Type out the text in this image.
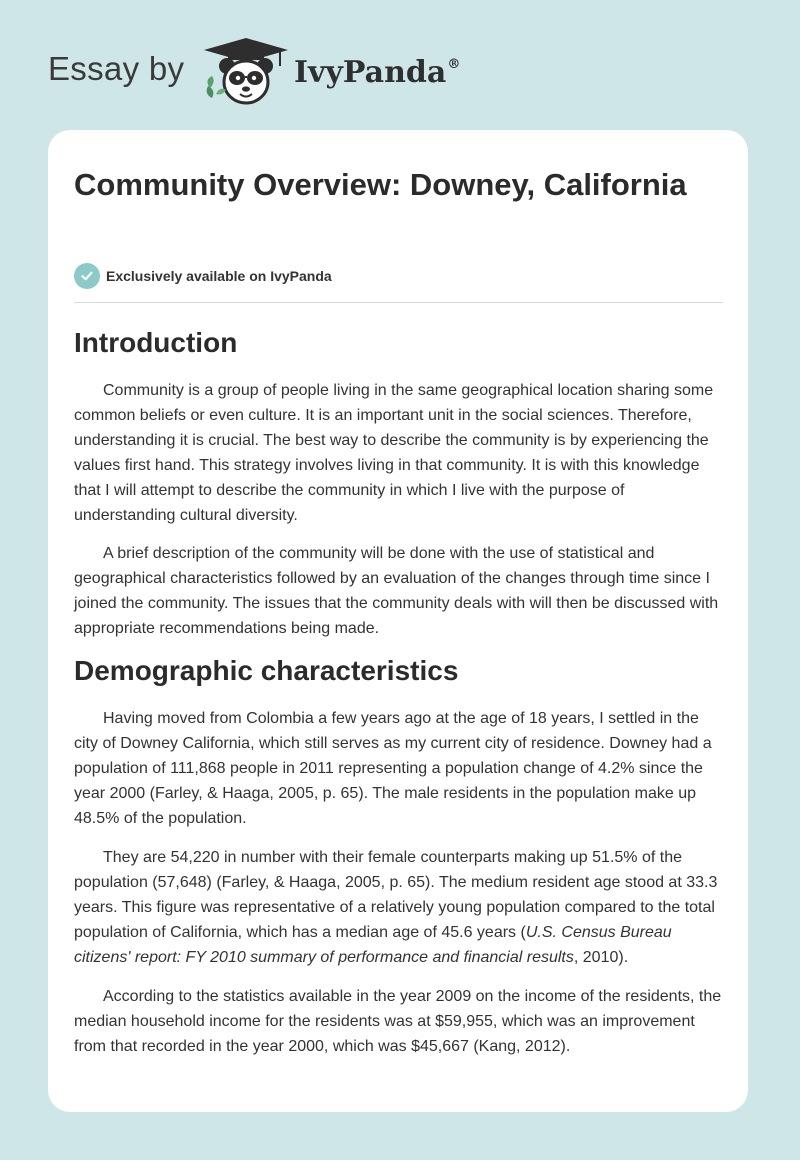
Essay by	IvyPanda®
Community Overview: Downey, California
Exclusively available on IvyPanda
Introduction

Community is a group of people living in the same geographical location sharing some common beliefs or even culture. It is an important unit in the social sciences. Therefore, understanding it is crucial. The best way to describe the community is by experiencing the values first hand. This strategy involves living in that community. It is with this knowledge that I will attempt to describe the community in which I live with the purpose of understanding cultural diversity.

A brief description of the community will be done with the use of statistical and geographical characteristics followed by an evaluation of the changes through time since I joined the community. The issues that the community deals with will then be discussed with appropriate recommendations being made.

Demographic characteristics

Having moved from Colombia a few years ago at the age of 18 years, I settled in the city of Downey California, which still serves as my current city of residence. Downey had a population of 111,868 people in 2011 representing a population change of 4.2% since the year 2000 (Farley, & Haaga, 2005, p. 65). The male residents in the population make up 48.5% of the population.

They are 54,220 in number with their female counterparts making up 51.5% of the population (57,648) (Farley, & Haaga, 2005, p. 65). The medium resident age stood at 33.3 years. This figure was representative of a relatively young population compared to the total population of California, which has a median age of 45.6 years (U.S. Census Bureau citizens' report: FY 2010 summary of performance and financial results, 2010).

According to the statistics available in the year 2009 on the income of the residents, the median household income for the residents was at $59,955, which was an improvement from that recorded in the year 2000, which was $45,667 (Kang, 2012).
